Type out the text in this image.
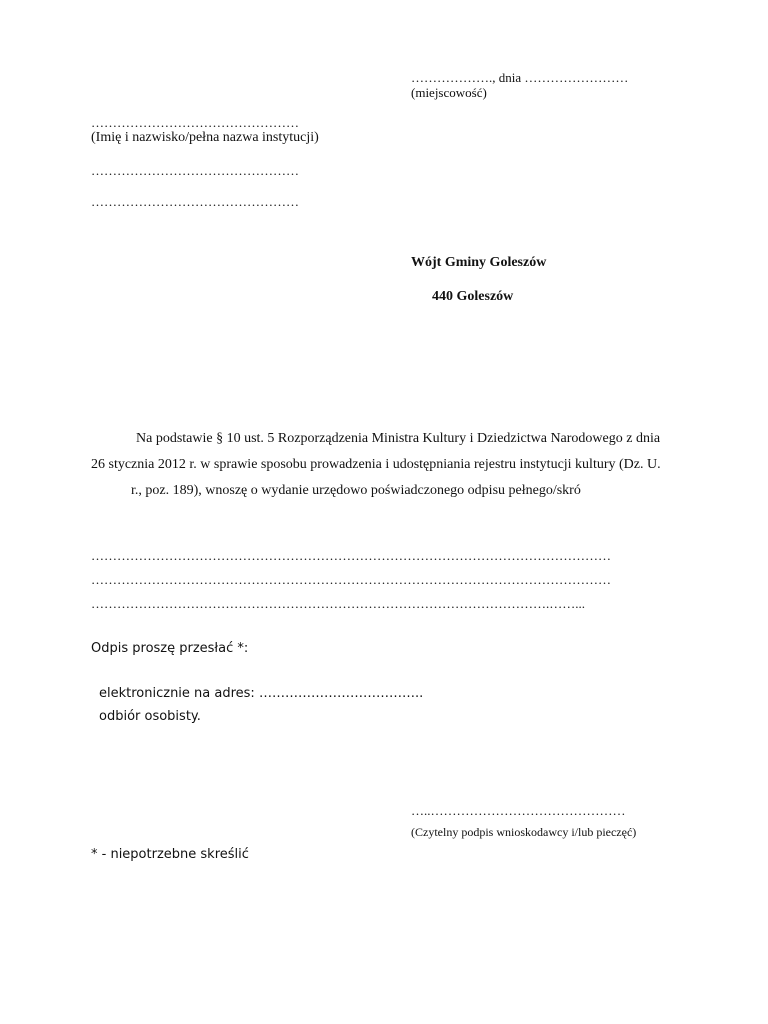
………………., dnia ……………………
(miejscowość)
…………………………………………
(Imię i nazwisko/pełna nazwa instytucji)
…………………………………………
…………………………………………
Wójt Gminy Goleszów
440 Goleszów
Na podstawie § 10 ust. 5 Rozporządzenia Ministra Kultury i Dziedzictwa Narodowego z dnia
26 stycznia 2012 r. w sprawie sposobu prowadzenia i udostępniania rejestru instytucji kultury (Dz. U.
r., poz. 189), wnoszę o wydanie urzędowo poświadczonego odpisu pełnego/skró
…………………………………………………………………………………………………………
…………………………………………………………………………………………………………
…………………………………………………………………………………………….……...
Odpis proszę przesłać *:
elektronicznie na adres: ………………………………..
odbiór osobisty.
…..………………………………………
(Czytelny podpis wnioskodawcy i/lub pieczęć)
* - niepotrzebne skreślić
